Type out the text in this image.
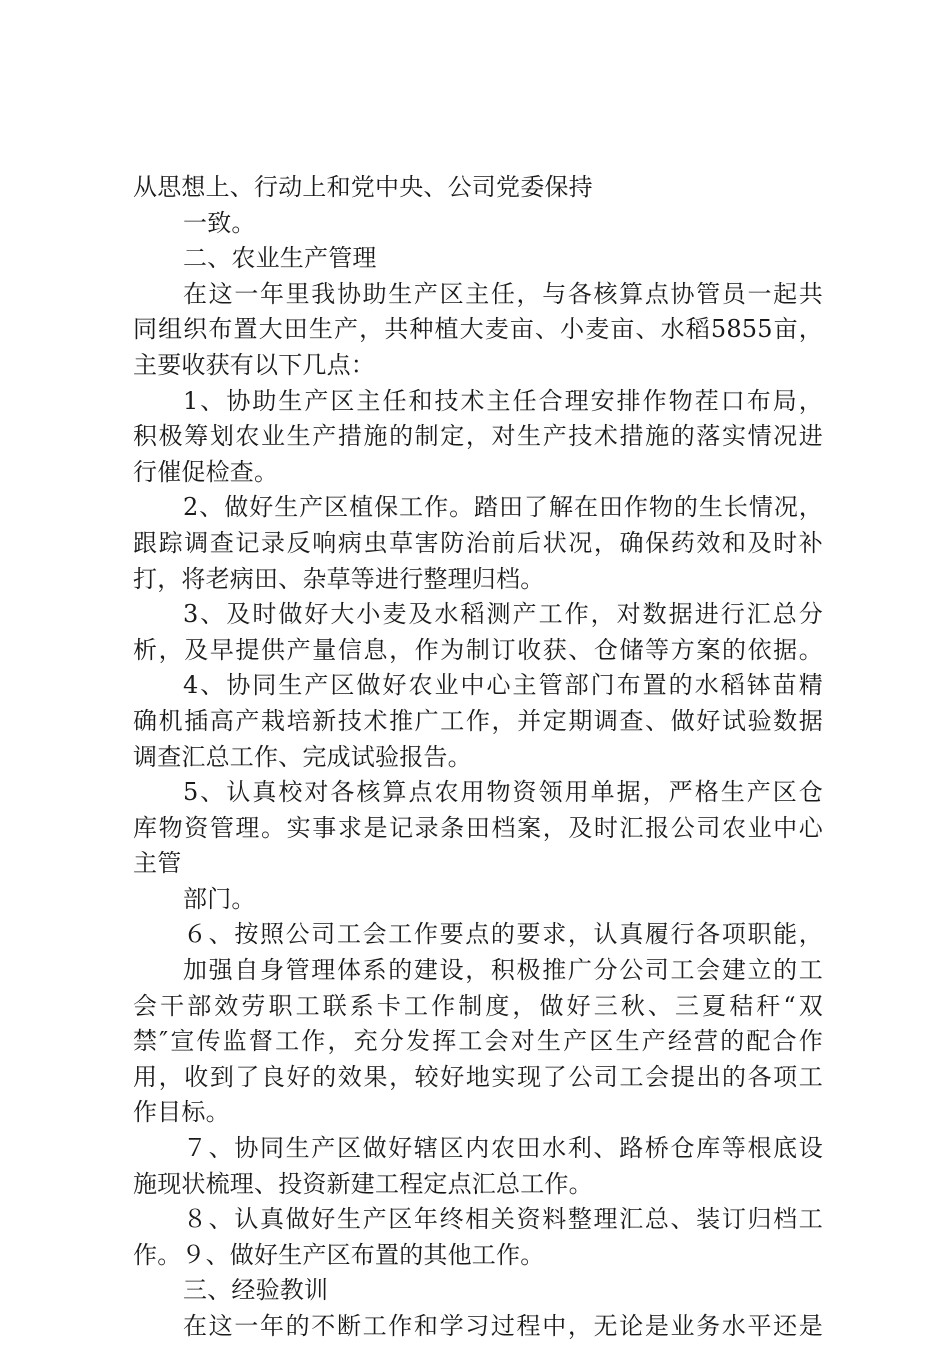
从思想上、行动上和党中央、公司党委保持
一致。
二、农业生产管理
在这一年里我协助生产区主任，与各核算点协管员一起共
同组织布置大田生产，共种植大麦亩、小麦亩、水稻5855亩，
主要收获有以下几点：
1、协助生产区主任和技术主任合理安排作物茬口布局，
积极筹划农业生产措施的制定，对生产技术措施的落实情况进
行催促检查。
2、做好生产区植保工作。踏田了解在田作物的生长情况，
跟踪调查记录反响病虫草害防治前后状况，确保药效和及时补
打，将老病田、杂草等进行整理归档。
3、及时做好大小麦及水稻测产工作，对数据进行汇总分
析，及早提供产量信息，作为制订收获、仓储等方案的依据。
4、协同生产区做好农业中心主管部门布置的水稻钵苗精
确机插高产栽培新技术推广工作，并定期调查、做好试验数据
调查汇总工作、完成试验报告。
5、认真校对各核算点农用物资领用单据，严格生产区仓
库物资管理。实事求是记录条田档案，及时汇报公司农业中心
主管
部门。
６、按照公司工会工作要点的要求，认真履行各项职能，
加强自身管理体系的建设，积极推广分公司工会建立的工
会干部效劳职工联系卡工作制度，做好三秋、三夏秸秆“双
禁″宣传监督工作，充分发挥工会对生产区生产经营的配合作
用，收到了良好的效果，较好地实现了公司工会提出的各项工
作目标。
７、协同生产区做好辖区内农田水利、路桥仓库等根底设
施现状梳理、投资新建工程定点汇总工作。
８、认真做好生产区年终相关资料整理汇总、装订归档工
作。９、做好生产区布置的其他工作。
三、经验教训
在这一年的不断工作和学习过程中，无论是业务水平还是
